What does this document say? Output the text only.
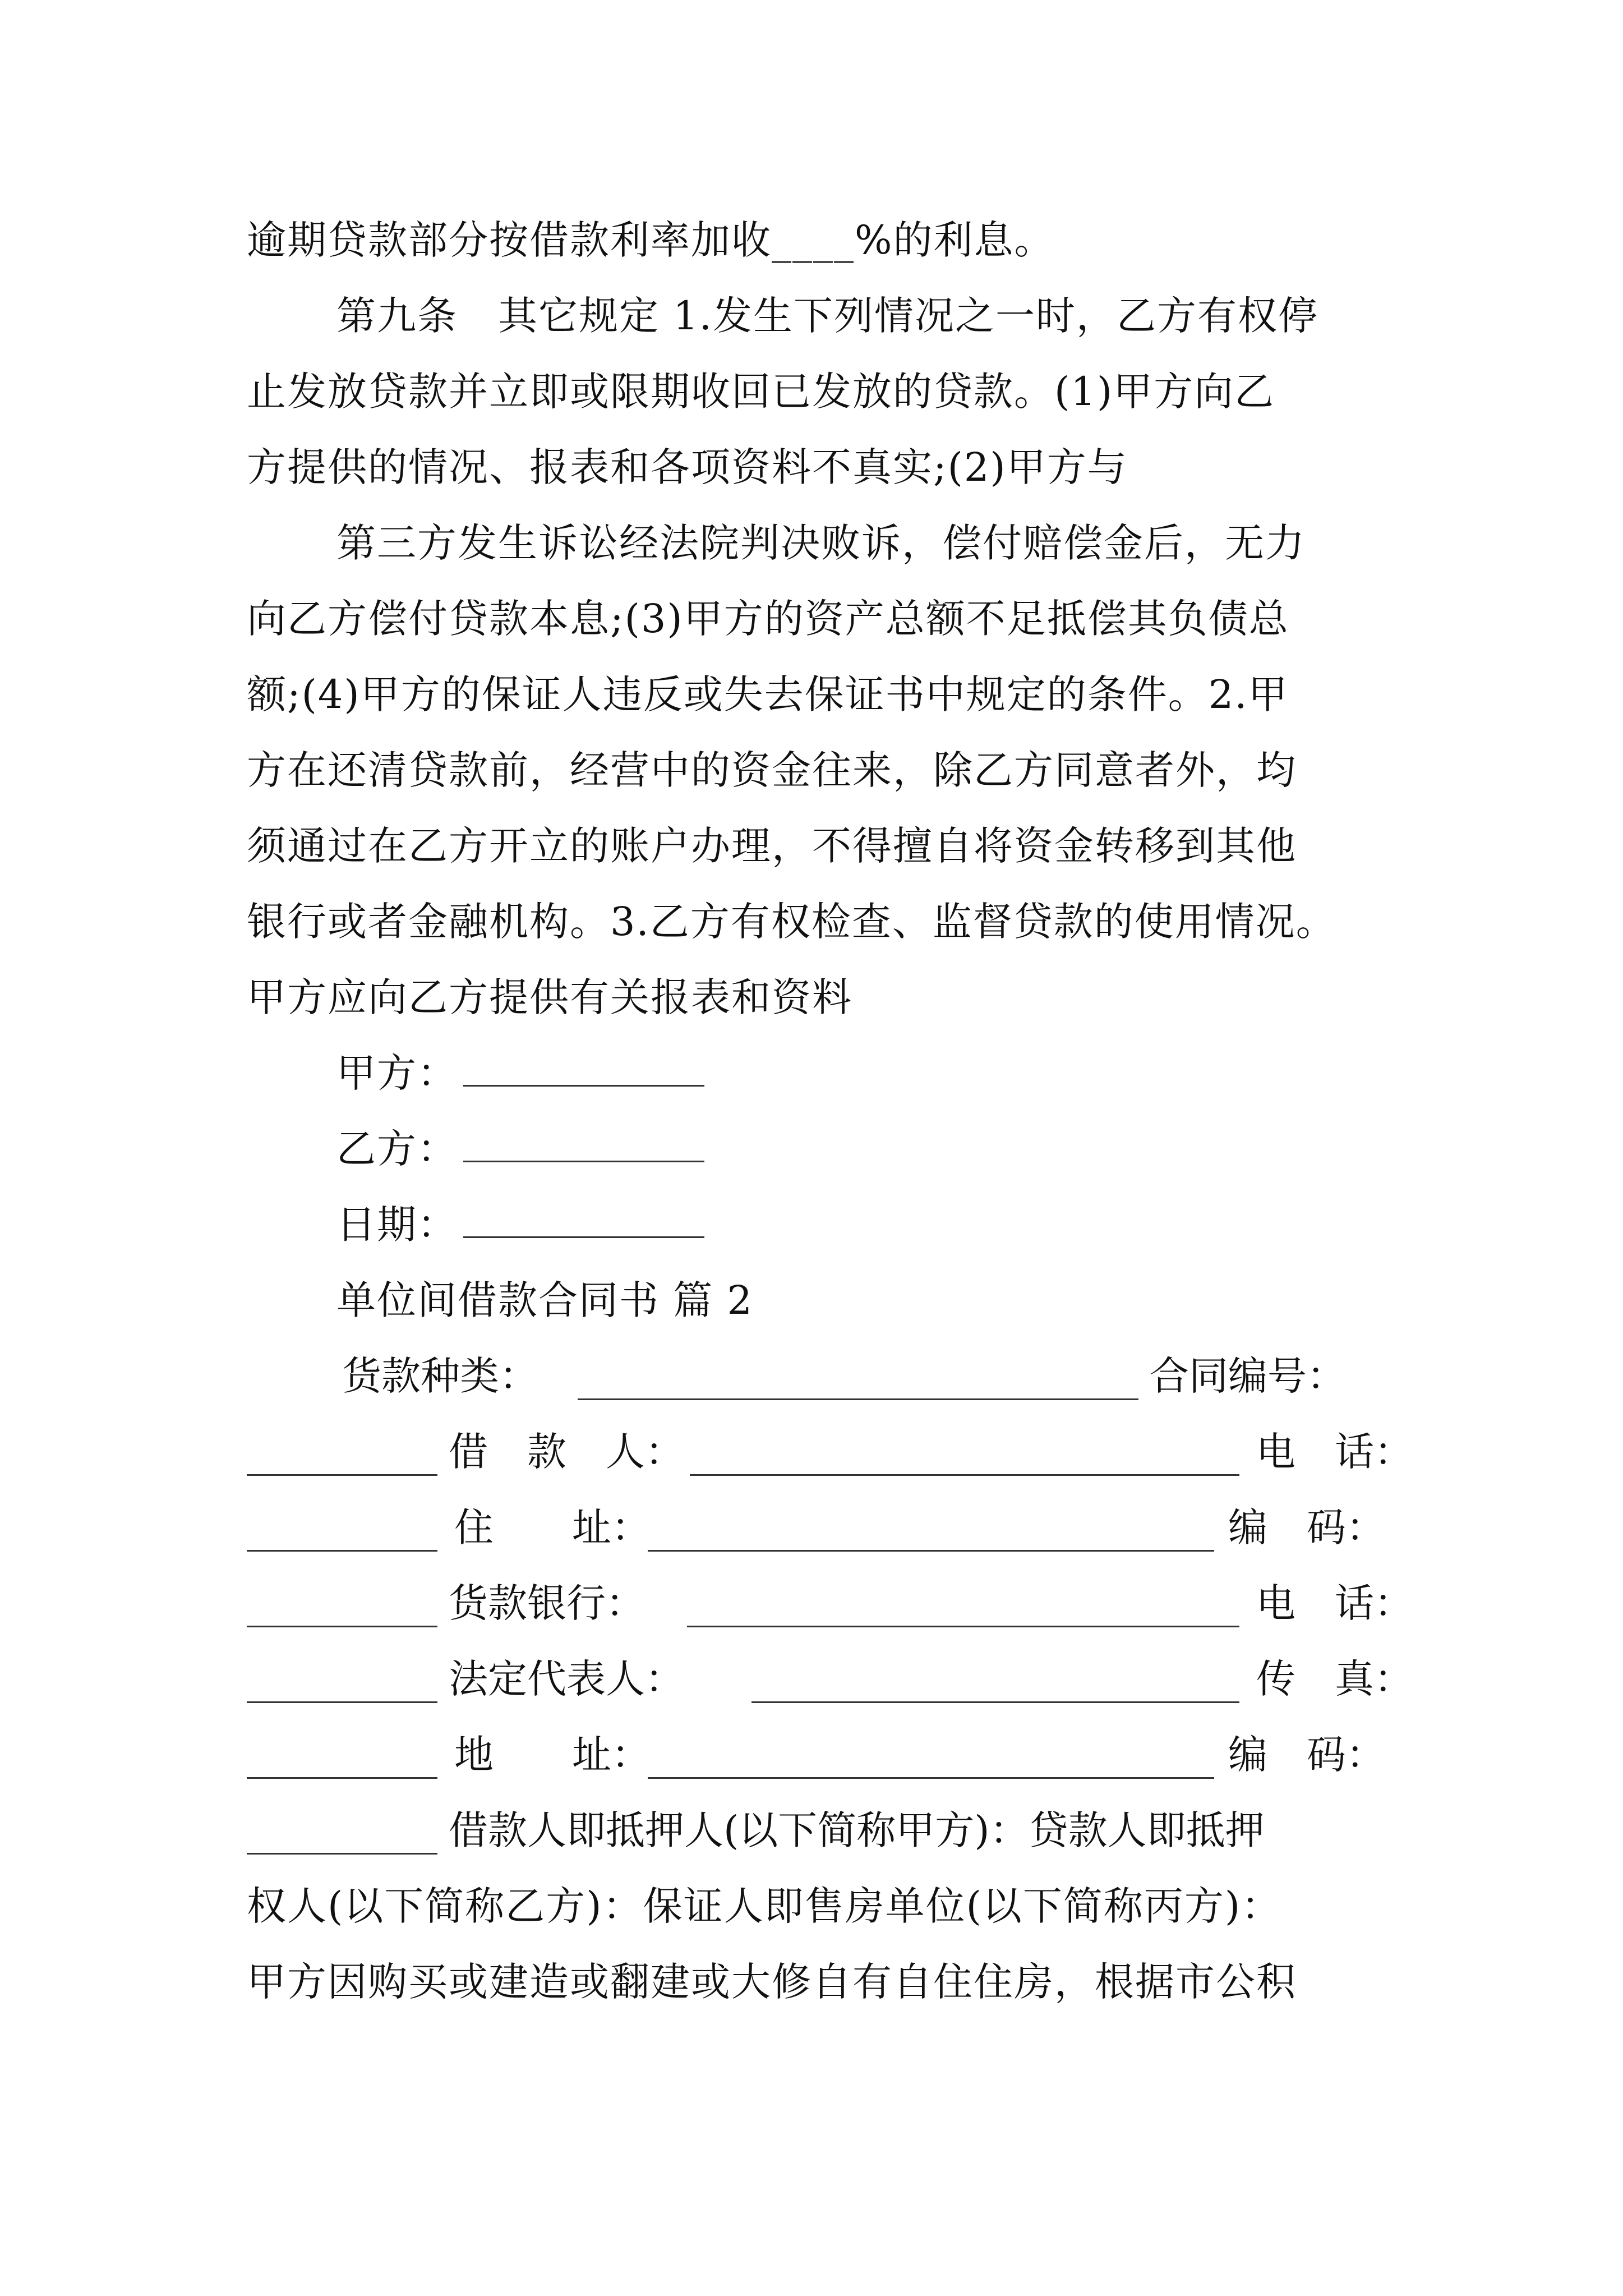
逾期贷款部分按借款利率加收____%的利息。
第九条　其它规定 1.发生下列情况之一时，乙方有权停
止发放贷款并立即或限期收回已发放的贷款。(1)甲方向乙
方提供的情况、报表和各项资料不真实;(2)甲方与
第三方发生诉讼经法院判决败诉，偿付赔偿金后，无力
向乙方偿付贷款本息;(3)甲方的资产总额不足抵偿其负债总
额;(4)甲方的保证人违反或失去保证书中规定的条件。2.甲
方在还清贷款前，经营中的资金往来，除乙方同意者外，均
须通过在乙方开立的账户办理，不得擅自将资金转移到其他
银行或者金融机构。3.乙方有权检查、监督贷款的使用情况。
甲方应向乙方提供有关报表和资料
甲方：
乙方：
日期：
单位间借款合同书 篇 2
货款种类：	合同编号：
借　款　人：	电　话：
住　　址：	编　码：
货款银行：	电　话：
法定代表人：	传　真：
地　　址：	编　码：
借款人即抵押人(以下简称甲方)：贷款人即抵押
权人(以下简称乙方)：保证人即售房单位(以下简称丙方)：
甲方因购买或建造或翻建或大修自有自住住房，根据市公积
